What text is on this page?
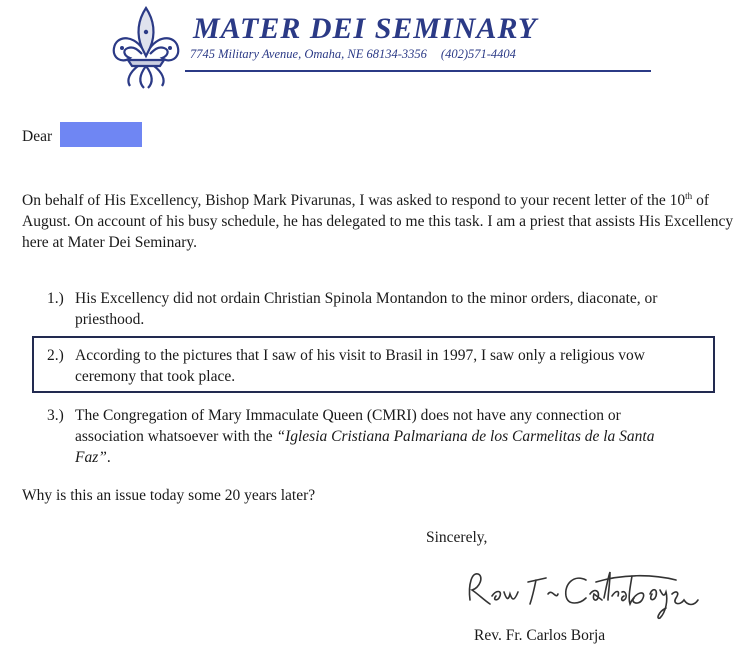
MATER DEI SEMINARY
7745 Military Avenue, Omaha, NE 68134-3356 (402)571-4404
Dear
On behalf of His Excellency, Bishop Mark Pivarunas, I was asked to respond to your recent letter of the 10th of August. On account of his busy schedule, he has delegated to me this task. I am a priest that assists His Excellency here at Mater Dei Seminary.
1.) His Excellency did not ordain Christian Spinola Montandon to the minor orders, diaconate, or priesthood.
2.) According to the pictures that I saw of his visit to Brasil in 1997, I saw only a religious vow ceremony that took place.
3.) The Congregation of Mary Immaculate Queen (CMRI) does not have any connection or association whatsoever with the “Iglesia Cristiana Palmariana de los Carmelitas de la Santa Faz”.
Why is this an issue today some 20 years later?
Sincerely,
Rev. Fr. Carlos Borja
